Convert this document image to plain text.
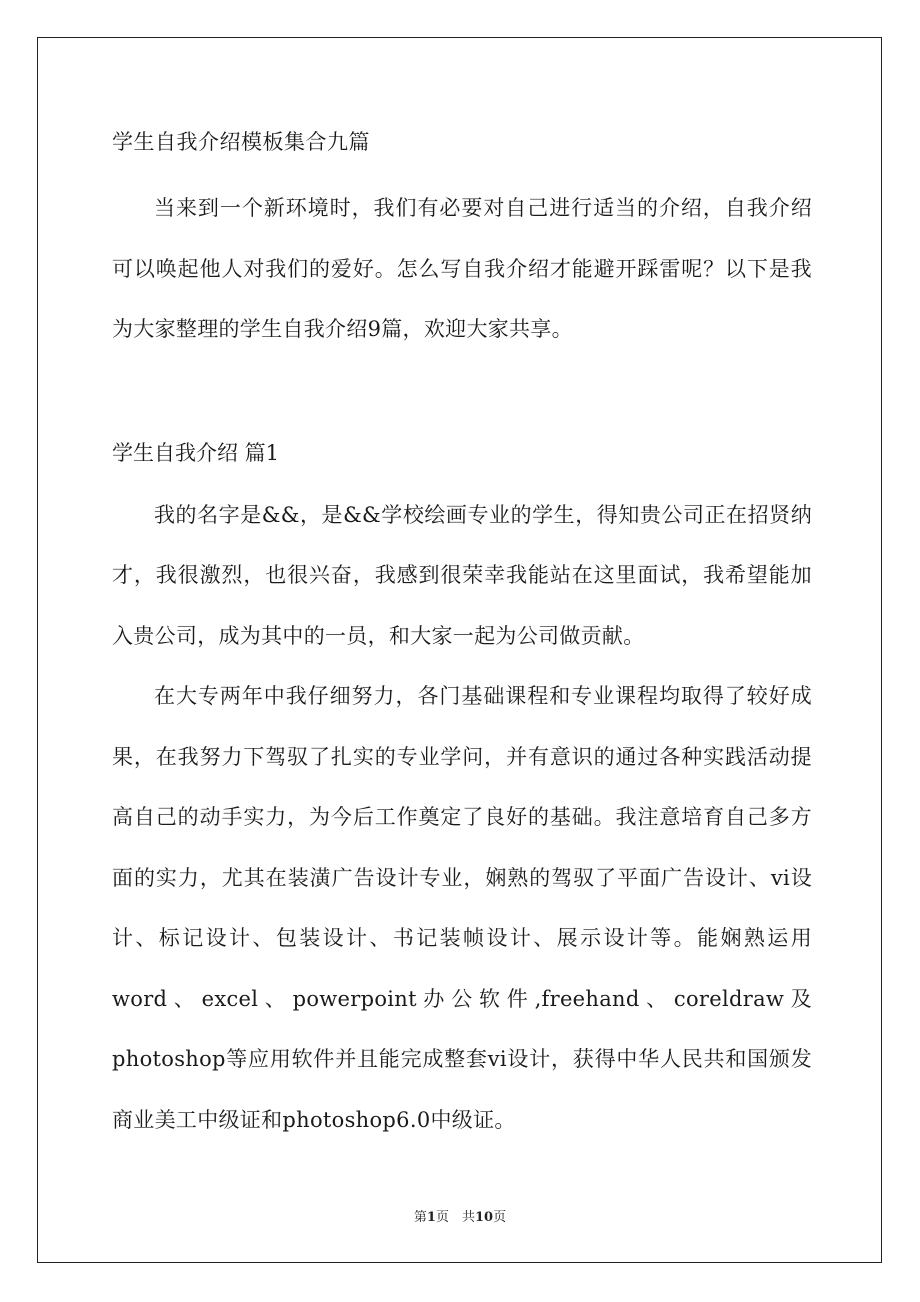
学生自我介绍模板集合九篇

当来到一个新环境时，我们有必要对自己进行适当的介绍，自我介绍可以唤起他人对我们的爱好。怎么写自我介绍才能避开踩雷呢？以下是我为大家整理的学生自我介绍9篇，欢迎大家共享。

学生自我介绍 篇1

我的名字是&&，是&&学校绘画专业的学生，得知贵公司正在招贤纳才，我很激烈，也很兴奋，我感到很荣幸我能站在这里面试，我希望能加入贵公司，成为其中的一员，和大家一起为公司做贡献。

在大专两年中我仔细努力，各门基础课程和专业课程均取得了较好成果，在我努力下驾驭了扎实的专业学问，并有意识的通过各种实践活动提高自己的动手实力，为今后工作奠定了良好的基础。我注意培育自己多方面的实力，尤其在装潢广告设计专业，娴熟的驾驭了平面广告设计、vi设计、标记设计、包装设计、书记装帧设计、展示设计等。能娴熟运用word、excel、powerpoint办公软件,freehand、coreldraw及photoshop等应用软件并且能完成整套vi设计，获得中华人民共和国颁发商业美工中级证和photoshop6.0中级证。

第1页　共10页
